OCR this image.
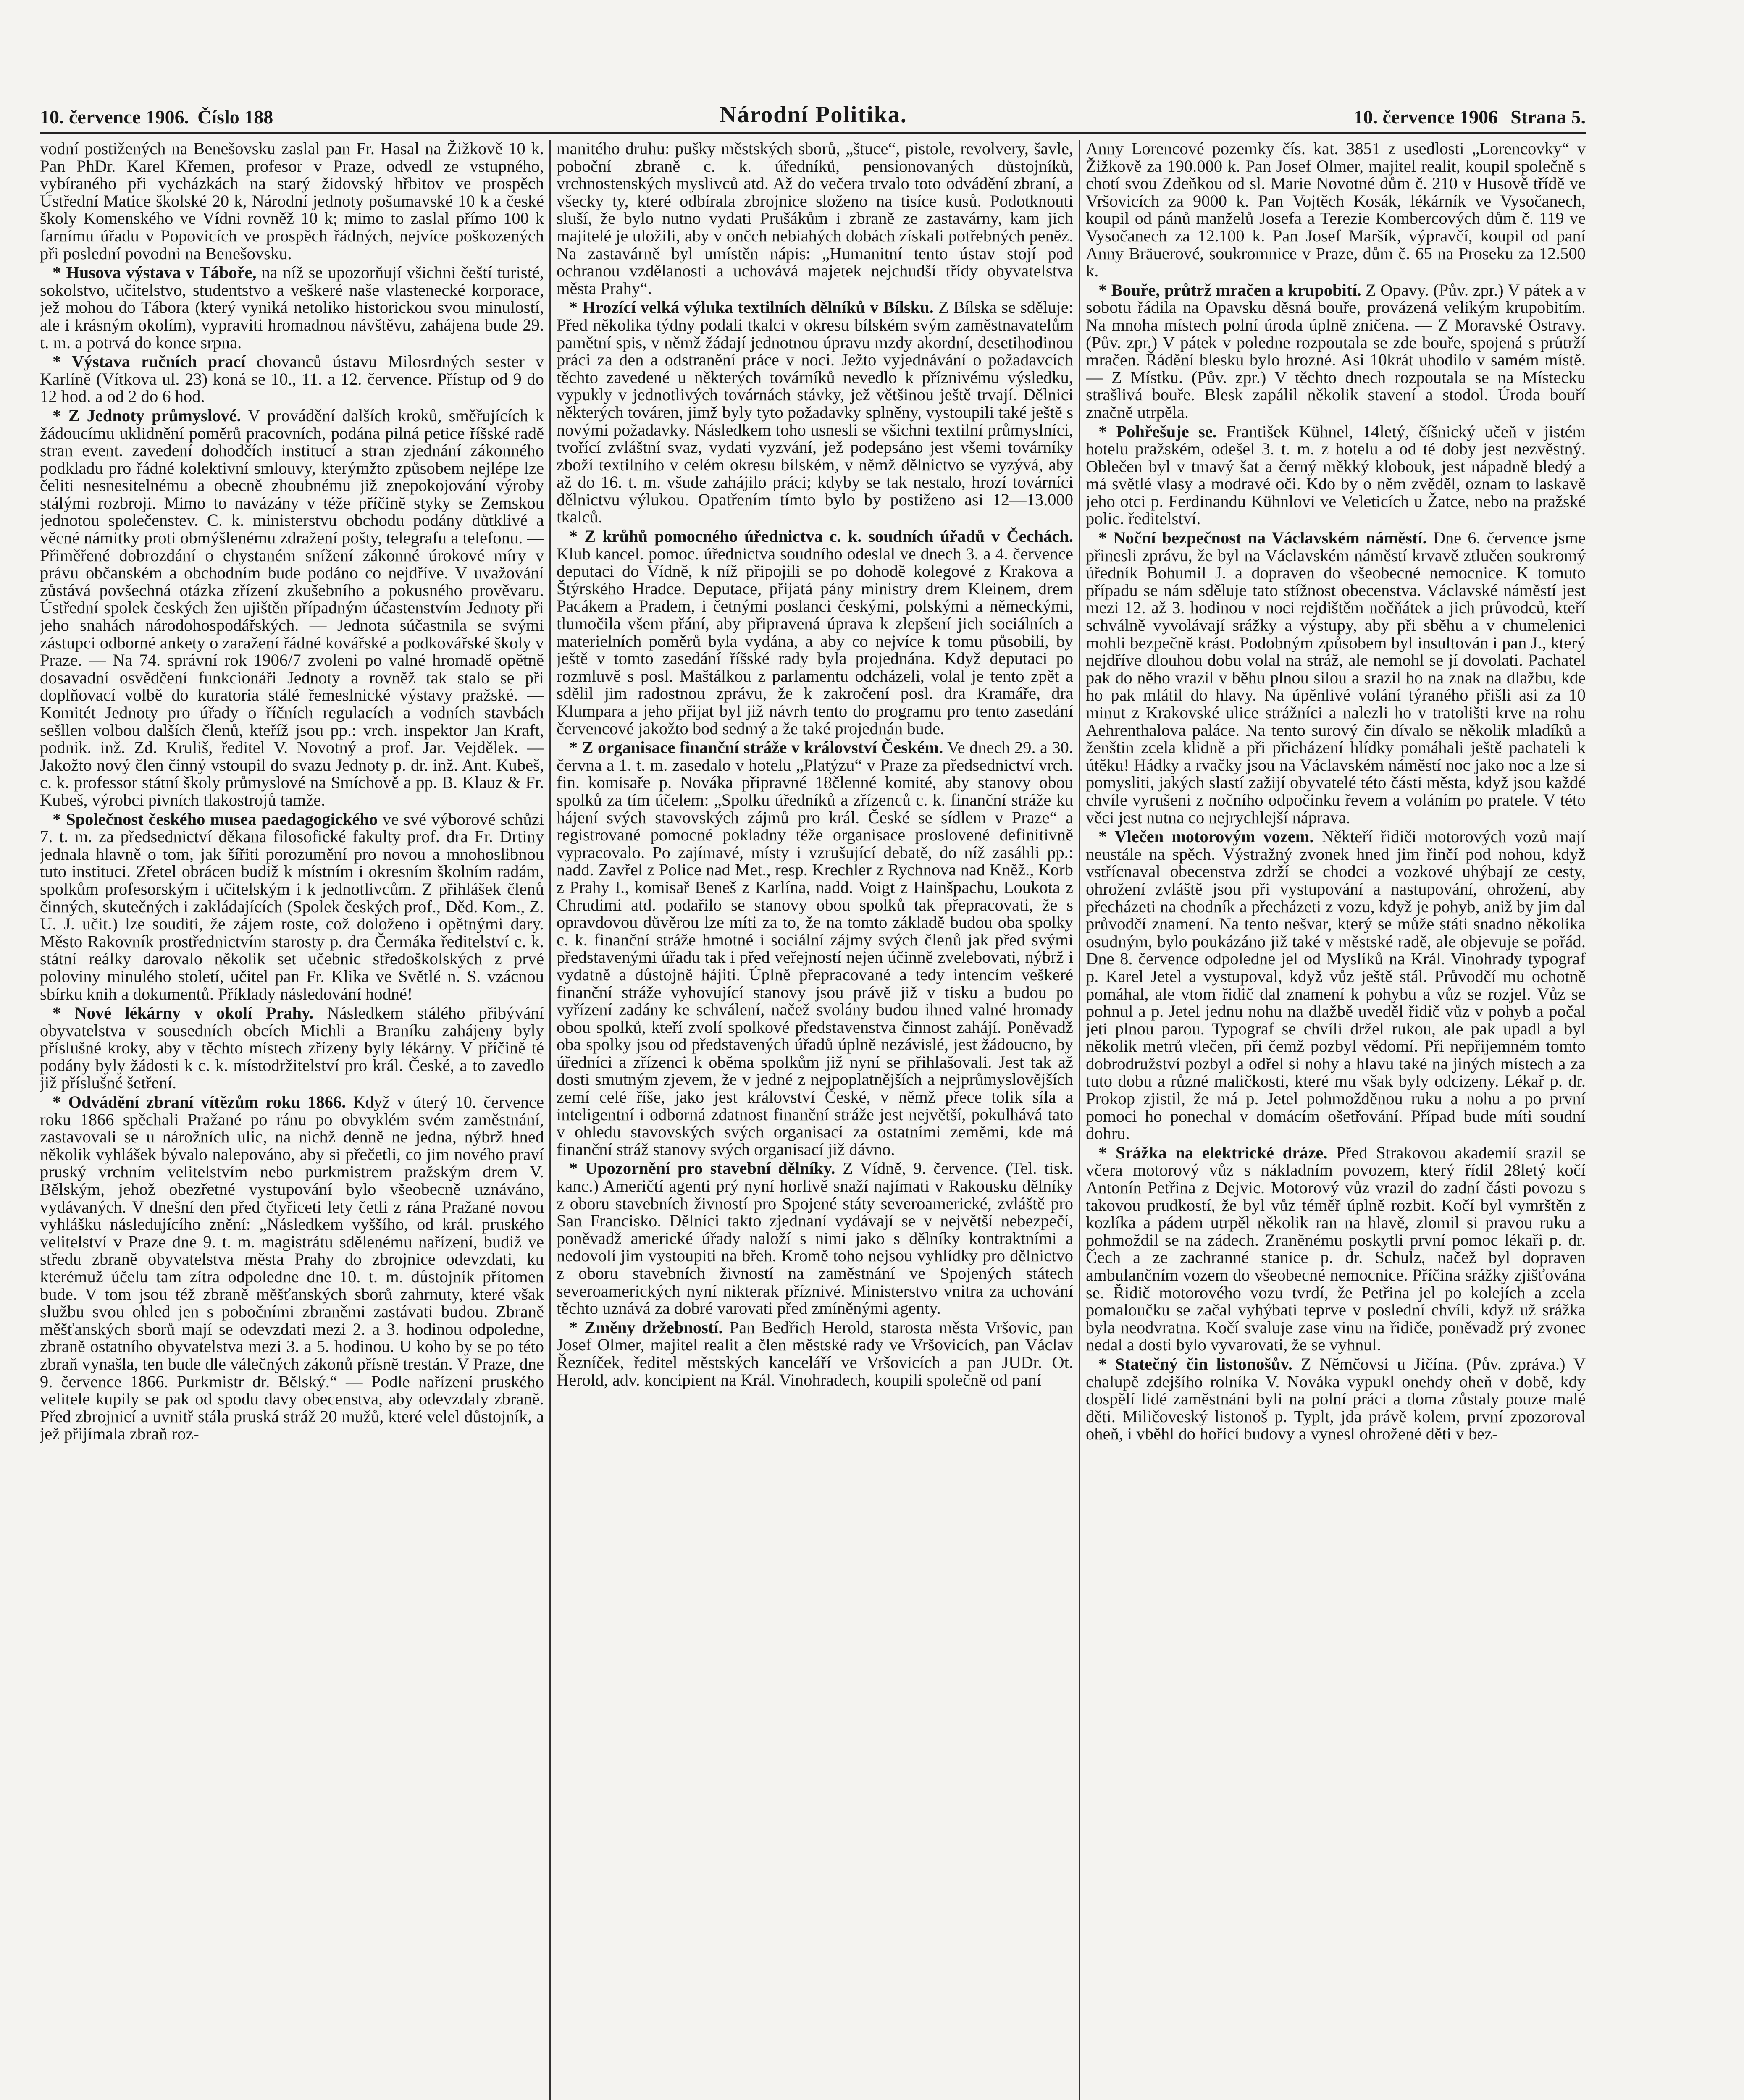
10. července 1906. Číslo 188	Národní Politika.	10. července 1906 Strana 5.

vodní postižených na Benešovsku zaslal pan Fr. Hasal na Žižkově 10 k. Pan PhDr. Karel Křemen, profesor v Praze, odvedl ze vstupného, vybíraného při vycházkách na starý židovský hřbitov ve prospěch Ústřední Matice školské 20 k, Národní jednoty pošumavské 10 k a české školy Komenského ve Vídni rovněž 10 k; mimo to zaslal přímo 100 k farnímu úřadu v Popovicích ve prospěch řádných, nejvíce poškozených při poslední povodni na Benešovsku.

* Husova výstava v Táboře, na níž se upozorňují všichni čeští turisté, sokolstvo, učitelstvo, studentstvo a veškeré naše vlastenecké korporace, jež mohou do Tábora (který vyniká netoliko historickou svou minulostí, ale i krásným okolím), vypraviti hromadnou návštěvu, zahájena bude 29. t. m. a potrvá do konce srpna.

* Výstava ručních prací chovanců ústavu Milosrdných sester v Karlíně (Vítkova ul. 23) koná se 10., 11. a 12. července. Přístup od 9 do 12 hod. a od 2 do 6 hod.

* Z Jednoty průmyslové. V provádění dalších kroků, směřujících k žádoucímu uklidnění poměrů pracovních, podána pilná petice říšské radě stran event. zavedení dohodčích institucí a stran zjednání zákonného podkladu pro řádné kolektivní smlouvy, kterýmžto způsobem nejlépe lze čeliti nesnesitelnému a obecně zhoubnému již znepokojování výroby stálými rozbroji. Mimo to navázány v téže příčině styky se Zemskou jednotou společenstev. C. k. ministerstvu obchodu podány důtklivé a věcné námitky proti obmýšlenému zdražení pošty, telegrafu a telefonu. — Přiměřené dobrozdání o chystaném snížení zákonné úrokové míry v právu občanském a obchodním bude podáno co nejdříve. V uvažování zůstává povšechná otázka zřízení zkušebního a pokusného prověvaru. Ústřední spolek českých žen ujištěn případným účastenstvím Jednoty při jeho snahách národohospodářských. — Jednota súčastnila se svými zástupci odborné ankety o zaražení řádné kovářské a podkovářské školy v Praze. — Na 74. správní rok 1906/7 zvoleni po valné hromadě opětně dosavadní osvědčení funkcionáři Jednoty a rovněž tak stalo se při doplňovací volbě do kuratoria stálé řemeslnické výstavy pražské. — Komitét Jednoty pro úřady o říčních regulacích a vodních stavbách sešllen volbou dalších členů, kteříž jsou pp.: vrch. inspektor Jan Kraft, podnik. inž. Zd. Kruliš, ředitel V. Novotný a prof. Jar. Vejdělek. — Jakožto nový člen činný vstoupil do svazu Jednoty p. dr. inž. Ant. Kubeš, c. k. professor státní školy průmyslové na Smíchově a pp. B. Klauz & Fr. Kubeš, výrobci pivních tlakostrojů tamže.

* Společnost českého musea paedagogického ve své výborové schůzi 7. t. m. za předsednictví děkana filosofické fakulty prof. dra Fr. Drtiny jednala hlavně o tom, jak šířiti porozumění pro novou a mnohoslibnou tuto instituci. Zřetel obrácen budiž k místním i okresním školním radám, spolkům profesorským i učitelským i k jednotlivcům. Z přihlášek členů činných, skutečných i zakládajících (Spolek českých prof., Děd. Kom., Z. U. J. učit.) lze souditi, že zájem roste, což doloženo i opětnými dary. Město Rakovník prostřednictvím starosty p. dra Čermáka ředitelství c. k. státní reálky darovalo několik set učebnic středoškolských z prvé poloviny minulého století, učitel pan Fr. Klika ve Světlé n. S. vzácnou sbírku knih a dokumentů. Příklady následování hodné!

* Nové lékárny v okolí Prahy. Následkem stálého přibývání obyvatelstva v sousedních obcích Michli a Braníku zahájeny byly příslušné kroky, aby v těchto místech zřízeny byly lékárny. V příčině té podány byly žádosti k c. k. místodržitelství pro král. České, a to zavedlo již příslušné šetření.

* Odvádění zbraní vítězům roku 1866. Když v úterý 10. července roku 1866 spěchali Pražané po ránu po obvyklém svém zaměstnání, zastavovali se u nárožních ulic, na nichž denně ne jedna, nýbrž hned několik vyhlášek bývalo nalepováno, aby si přečetli, co jim nového praví pruský vrchním velitelstvím nebo purkmistrem pražským drem V. Bělským, jehož obezřetné vystupování bylo všeobecně uznáváno, vydávaných. V dnešní den před čtyřiceti lety četli z rána Pražané novou vyhlášku následujícího znění: „Následkem vyššího, od král. pruského velitelství v Praze dne 9. t. m. magistrátu sdělenému nařízení, budiž ve středu zbraně obyvatelstva města Prahy do zbrojnice odevzdati, ku kterémuž účelu tam zítra odpoledne dne 10. t. m. důstojník přítomen bude. V tom jsou též zbraně měšťanských sborů zahrnuty, které však službu svou ohled jen s pobočními zbraněmi zastávati budou. Zbraně měšťanských sborů mají se odevzdati mezi 2. a 3. hodinou odpoledne, zbraně ostatního obyvatelstva mezi 3. a 5. hodinou. U koho by se po této zbraň vynašla, ten bude dle válečných zákonů přísně trestán. V Praze, dne 9. července 1866. Purkmistr dr. Bělský.“ — Podle nařízení pruského velitele kupily se pak od spodu davy obecenstva, aby odevzdaly zbraně. Před zbrojnicí a uvnitř stála pruská stráž 20 mužů, které velel důstojník, a jež přijímala zbraň roz-

manitého druhu: pušky městských sborů, „štuce“, pistole, revolvery, šavle, poboční zbraně c. k. úředníků, pensionovaných důstojníků, vrchnostenských myslivců atd. Až do večera trvalo toto odvádění zbraní, a všecky ty, které odbírala zbrojnice složeno na tisíce kusů. Podotknouti sluší, že bylo nutno vydati Prušákům i zbraně ze zastavárny, kam jich majitelé je uložili, aby v ončch nebiahých dobách získali potřebných peněz. Na zastavárně byl umístěn nápis: „Humanitní tento ústav stojí pod ochranou vzdělanosti a uchovává majetek nejchudší třídy obyvatelstva města Prahy“.

* Hrozící velká výluka textilních dělníků v Bílsku. Z Bílska se sděluje: Před několika týdny podali tkalci v okresu bílském svým zaměstnavatelům pamětní spis, v němž žádají jednotnou úpravu mzdy akordní, desetihodinou práci za den a odstranění práce v noci. Ježto vyjednávání o požadavcích těchto zavedené u některých továrníků nevedlo k příznivému výsledku, vypukly v jednotlivých továrnách stávky, jež většinou ještě trvají. Dělnici některých továren, jimž byly tyto požadavky splněny, vystoupili také ještě s novými požadavky. Následkem toho usnesli se všichni textilní průmyslníci, tvořící zvláštní svaz, vydati vyzvání, jež podepsáno jest všemi továrníky zboží textilního v celém okresu bílském, v němž dělnictvo se vyzývá, aby až do 16. t. m. všude zahájilo práci; kdyby se tak nestalo, hrozí továrníci dělnictvu výlukou. Opatřením tímto bylo by postiženo asi 12—13.000 tkalců.

* Z krůhů pomocného úřednictva c. k. soudních úřadů v Čechách. Klub kancel. pomoc. úřednictva soudního odeslal ve dnech 3. a 4. července deputaci do Vídně, k níž připojili se po dohodě kolegové z Krakova a Štýrského Hradce. Deputace, přijatá pány ministry drem Kleinem, drem Pacákem a Pradem, i četnými poslanci českými, polskými a německými, tlumočila všem přání, aby připravená úprava k zlepšení jich sociálních a materielních poměrů byla vydána, a aby co nejvíce k tomu působili, by ještě v tomto zasedání říšské rady byla projednána. Když deputaci po rozmluvě s posl. Maštálkou z parlamentu odcházeli, volal je tento zpět a sdělil jim radostnou zprávu, že k zakročení posl. dra Kramáře, dra Klumpara a jeho přijat byl již návrh tento do programu pro tento zasedání červencové jakožto bod sedmý a že také projednán bude.

* Z organisace finanční stráže v království Českém. Ve dnech 29. a 30. června a 1. t. m. zasedalo v hotelu „Platýzu“ v Praze za předsednictví vrch. fin. komisaře p. Nováka připravné 18členné komité, aby stanovy obou spolků za tím účelem: „Spolku úředníků a zřízenců c. k. finanční stráže ku hájení svých stavovských zájmů pro král. České se sídlem v Praze“ a registrované pomocné pokladny téže organisace proslovené definitivně vypracovalo. Po zajímavé, místy i vzrušující debatě, do níž zasáhli pp.: nadd. Zavřel z Police nad Met., resp. Krechler z Rychnova nad Kněž., Korb z Prahy I., komisař Beneš z Karlína, nadd. Voigt z Hainšpachu, Loukota z Chrudimi atd. podařilo se stanovy obou spolků tak přepracovati, že s opravdovou důvěrou lze míti za to, že na tomto základě budou oba spolky c. k. finanční stráže hmotné i sociální zájmy svých členů jak před svými představenými úřadu tak i před veřejností nejen účinně zvelebovati, nýbrž i vydatně a důstojně hájiti. Úplně přepracované a tedy intencím veškeré finanční stráže vyhovující stanovy jsou právě již v tisku a budou po vyřízení zadány ke schválení, načež svolány budou ihned valné hromady obou spolků, kteří zvolí spolkové představenstva činnost zahájí. Poněvadž oba spolky jsou od představených úřadů úplně nezávislé, jest žádoucno, by úředníci a zřízenci k oběma spolkům již nyní se přihlašovali. Jest tak až dosti smutným zjevem, že v jedné z nejpoplatnějších a nejprůmyslovějších zemí celé říše, jako jest království České, v němž přece tolik síla a inteligentní i odborná zdatnost finanční stráže jest největší, pokulhává tato v ohledu stavovských svých organisací za ostatními zeměmi, kde má finanční stráž stanovy svých organisací již dávno.

* Upozornění pro stavební dělníky. Z Vídně, 9. července. (Tel. tisk. kanc.) Američtí agenti prý nyní horlivě snaží najímati v Rakousku dělníky z oboru stavebních živností pro Spojené státy severoamerické, zvláště pro San Francisko. Dělníci takto zjednaní vydávají se v největší nebezpečí, poněvadž americké úřady naloží s nimi jako s dělníky kontraktními a nedovolí jim vystoupiti na břeh. Kromě toho nejsou vyhlídky pro dělnictvo z oboru stavebních živností na zaměstnání ve Spojených státech severoamerických nyní nikterak příznivé. Ministerstvo vnitra za uchování těchto uznává za dobré varovati před zmíněnými agenty.

* Změny držebností. Pan Bedřich Herold, starosta města Vršovic, pan Josef Olmer, majitel realit a člen městské rady ve Vršovicích, pan Václav Řezníček, ředitel městských kanceláří ve Vršovicích a pan JUDr. Ot. Herold, adv. koncipient na Král. Vinohradech, koupili společně od paní

Anny Lorencové pozemky čís. kat. 3851 z usedlosti „Lorencovky“ v Žižkově za 190.000 k. Pan Josef Olmer, majitel realit, koupil společně s chotí svou Zdeňkou od sl. Marie Novotné dům č. 210 v Husově třídě ve Vršovicích za 9000 k. Pan Vojtěch Kosák, lékárník ve Vysočanech, koupil od pánů manželů Josefa a Terezie Kombercových dům č. 119 ve Vysočanech za 12.100 k. Pan Josef Maršík, výpravčí, koupil od paní Anny Bräuerové, soukromnice v Praze, dům č. 65 na Proseku za 12.500 k.

* Bouře, průtrž mračen a krupobití. Z Opavy. (Pův. zpr.) V pátek a v sobotu řádila na Opavsku děsná bouře, provázená velikým krupobitím. Na mnoha místech polní úroda úplně zničena. — Z Moravské Ostravy. (Pův. zpr.) V pátek v poledne rozpoutala se zde bouře, spojená s průtrží mračen. Řádění blesku bylo hrozné. Asi 10krát uhodilo v samém místě. — Z Místku. (Pův. zpr.) V těchto dnech rozpoutala se na Místecku strašlivá bouře. Blesk zapálil několik stavení a stodol. Úroda bouří značně utrpěla.

* Pohřešuje se. František Kühnel, 14letý, číšnický učeň v jistém hotelu pražském, odešel 3. t. m. z hotelu a od té doby jest nezvěstný. Oblečen byl v tmavý šat a černý měkký klobouk, jest nápadně bledý a má světlé vlasy a modravé oči. Kdo by o něm zvěděl, oznam to laskavě jeho otci p. Ferdinandu Kühnlovi ve Veleticích u Žatce, nebo na pražské polic. ředitelství.

* Noční bezpečnost na Václavském náměstí. Dne 6. července jsme přinesli zprávu, že byl na Václavském náměstí krvavě ztlučen soukromý úředník Bohumil J. a dopraven do všeobecné nemocnice. K tomuto případu se nám sděluje tato stížnost obecenstva. Václavské náměstí jest mezi 12. až 3. hodinou v noci rejdištěm nočňátek a jich průvodců, kteří schválně vyvolávají srážky a výstupy, aby při sběhu a v chumelenici mohli bezpečně krást. Podobným způsobem byl insultován i pan J., který nejdříve dlouhou dobu volal na stráž, ale nemohl se jí dovolati. Pachatel pak do něho vrazil v běhu plnou silou a srazil ho na znak na dlažbu, kde ho pak mlátil do hlavy. Na úpěnlivé volání týraného přišli asi za 10 minut z Krakovské ulice strážníci a nalezli ho v tratolišti krve na rohu Aehrenthalova paláce. Na tento surový čin dívalo se několik mladíků a ženštin zcela klidně a při přicházení hlídky pomáhali ještě pachateli k útěku! Hádky a rvačky jsou na Václavském náměstí noc jako noc a lze si pomysliti, jakých slastí zažijí obyvatelé této části města, když jsou každé chvíle vyrušeni z nočního odpočinku řevem a voláním po pratele. V této věci jest nutna co nejrychlejší náprava.

* Vlečen motorovým vozem. Někteří řidiči motorových vozů mají neustále na spěch. Výstražný zvonek hned jim řinčí pod nohou, když vstřícnaval obecenstva zdrží se chodci a vozkové uhýbají ze cesty, ohrožení zvláště jsou při vystupování a nastupování, ohrožení, aby přecházeti na chodník a přecházeti z vozu, když je pohyb, aniž by jim dal průvodčí znamení. Na tento nešvar, který se může státi snadno několika osudným, bylo poukázáno již také v městské radě, ale objevuje se pořád. Dne 8. července odpoledne jel od Myslíků na Král. Vinohrady typograf p. Karel Jetel a vystupoval, když vůz ještě stál. Průvodčí mu ochotně pomáhal, ale vtom řidič dal znamení k pohybu a vůz se rozjel. Vůz se pohnul a p. Jetel jednu nohu na dlažbě uveděl řidič vůz v pohyb a počal jeti plnou parou. Typograf se chvíli držel rukou, ale pak upadl a byl několik metrů vlečen, při čemž pozbyl vědomí. Při nepřijemném tomto dobrodružství pozbyl a odřel si nohy a hlavu také na jiných místech a za tuto dobu a různé maličkosti, které mu však byly odcizeny. Lékař p. dr. Prokop zjistil, že má p. Jetel pohmožděnou ruku a nohu a po první pomoci ho ponechal v domácím ošetřování. Případ bude míti soudní dohru.

* Srážka na elektrické dráze. Před Strakovou akademií srazil se včera motorový vůz s nákladním povozem, který řídil 28letý kočí Antonín Petřina z Dejvic. Motorový vůz vrazil do zadní části povozu s takovou prudkostí, že byl vůz téměř úplně rozbit. Kočí byl vymrštěn z kozlíka a pádem utrpěl několik ran na hlavě, zlomil si pravou ruku a pohmoždil se na zádech. Zraněnému poskytli první pomoc lékaři p. dr. Čech a ze zachranné stanice p. dr. Schulz, načež byl dopraven ambulančním vozem do všeobecné nemocnice. Příčina srážky zjišťována se. Řidič motorového vozu tvrdí, že Petřina jel po kolejích a zcela pomaloučku se začal vyhýbati teprve v poslední chvíli, když už srážka byla neodvratna. Kočí svaluje zase vinu na řidiče, poněvadž prý zvonec nedal a dosti bylo vyvarovati, že se vyhnul.

* Statečný čin listonošův. Z Němčovsi u Jičína. (Pův. zpráva.) V chalupě zdejšího rolníka V. Nováka vypukl onehdy oheň v době, kdy dospělí lidé zaměstnáni byli na polní práci a doma zůstaly pouze malé děti. Miličoveský listonoš p. Typlt, jda právě kolem, první zpozoroval oheň, i vběhl do hořící budovy a vynesl ohrožené děti v bez-
